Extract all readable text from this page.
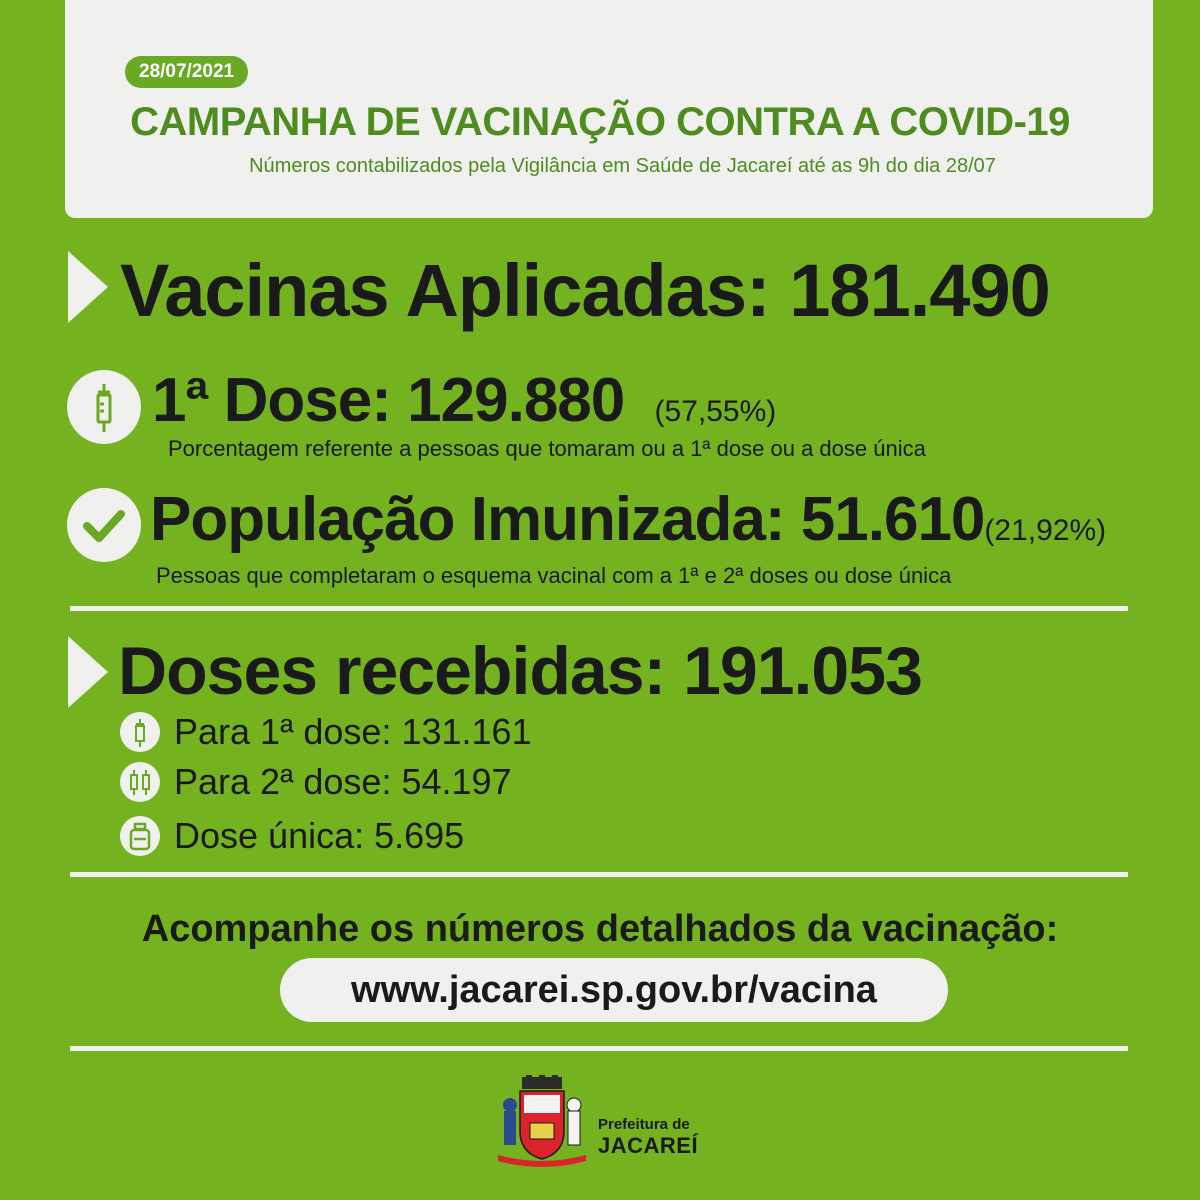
28/07/2021
CAMPANHA DE VACINAÇÃO CONTRA A COVID-19
Números contabilizados pela Vigilância em Saúde de Jacareí até as 9h do dia 28/07
Vacinas Aplicadas: 181.490
1ª Dose: 129.880 (57,55%)
Porcentagem referente a pessoas que tomaram ou a 1ª dose ou a dose única
População Imunizada: 51.610(21,92%)
Pessoas que completaram o esquema vacinal com a 1ª e 2ª doses ou dose única
Doses recebidas: 191.053
Para 1ª dose: 131.161
Para 2ª dose: 54.197
Dose única: 5.695
Acompanhe os números detalhados da vacinação:
www.jacarei.sp.gov.br/vacina
Prefeitura de
JACAREÍ
